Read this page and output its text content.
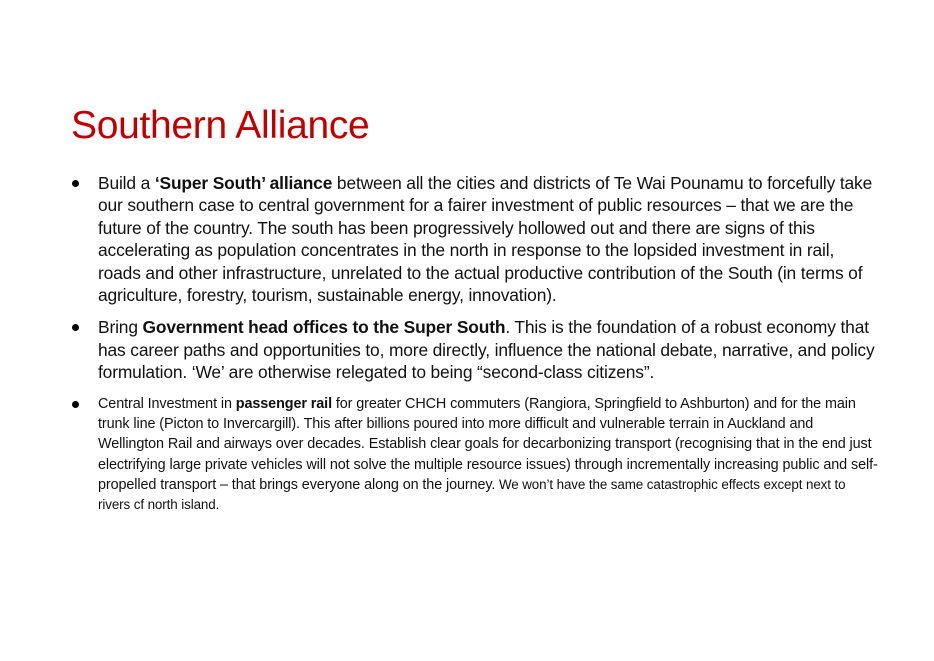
Southern Alliance
Build a ‘Super South’ alliance between all the cities and districts of Te Wai Pounamu to forcefully take our southern case to central government for a fairer investment of public resources – that we are the future of the country. The south has been progressively hollowed out and there are signs of this accelerating as population concentrates in the north in response to the lopsided investment in rail, roads and other infrastructure, unrelated to the actual productive contribution of the South (in terms of agriculture, forestry, tourism, sustainable energy, innovation).
Bring Government head offices to the Super South. This is the foundation of a robust economy that has career paths and opportunities to, more directly, influence the national debate, narrative, and policy formulation. ‘We’ are otherwise relegated to being “second-class citizens”.
Central Investment in passenger rail for greater CHCH commuters (Rangiora, Springfield to Ashburton) and for the main trunk line (Picton to Invercargill). This after billions poured into more difficult and vulnerable terrain in Auckland and Wellington Rail and airways over decades. Establish clear goals for decarbonizing transport (recognising that in the end just electrifying large private vehicles will not solve the multiple resource issues) through incrementally increasing public and self-propelled transport – that brings everyone along on the journey. We won’t have the same catastrophic effects except next to rivers cf north island.
